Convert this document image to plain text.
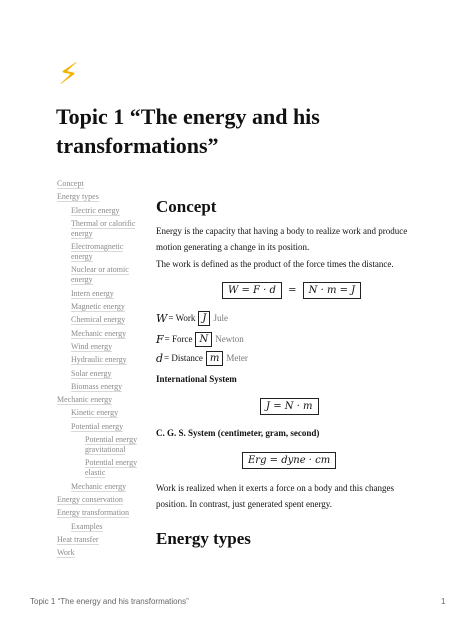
⚡
Topic 1 “The energy and his transformations”
Concept
Energy types
Electric energy
Thermal or calorific energy
Electromagnetic energy
Nuclear or atomic energy
Intern energy
Magnetic energy
Chemical energy
Mechanic energy
Wind energy
Hydraulic energy
Solar energy
Biomass energy
Mechanic energy
Kinetic energy
Potential energy
Potential energy gravitational
Potential energy elastic
Mechanic energy
Energy conservation
Energy transformation
Examples
Heat transfer
Work
Concept

Energy is the capacity that having a body to realize work and produce motion generating a change in its position.

The work is defined as the product of the force times the distance.

W = F · d = N · m = J
W =
Work J Jule
F =
Force N Newton
d =
Distance m Meter

International System

J = N · m

C. G. S. System (centimeter, gram, second)

Erg = dyne · cm

Work is realized when it exerts a force on a body and this changes position. In contrast, just generated spent energy.

Energy types
Topic 1 “The energy and his transformations”	1
